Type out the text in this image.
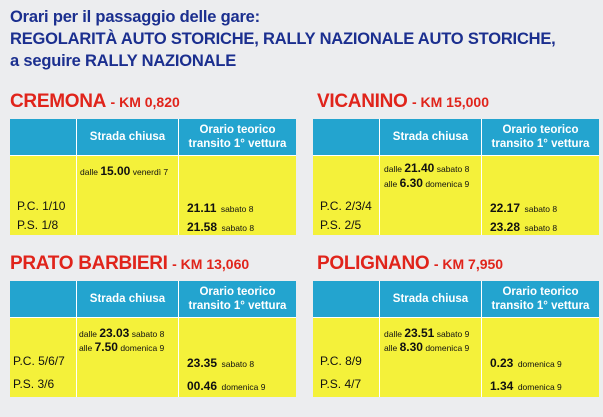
Orari per il passaggio delle gare:
REGOLARITÀ AUTO STORICHE, RALLY NAZIONALE AUTO STORICHE,
a seguire RALLY NAZIONALE
CREMONA - KM 0,820
Strada chiusa
Orario teorico
transito 1° vettura
P.C. 1/10
P.S. 1/8
dalle 15.00 venerdì 7
21.11 sabato 8
21.58 sabato 8
VICANINO - KM 15,000
Strada chiusa
Orario teorico
transito 1° vettura
P.C. 2/3/4
P.S. 2/5
dalle 21.40 sabato 8
alle 6.30 domenica 9
22.17 sabato 8
23.28 sabato 8
PRATO BARBIERI - KM 13,060
Strada chiusa
Orario teorico
transito 1° vettura
P.C. 5/6/7
P.S. 3/6
dalle 23.03 sabato 8
alle 7.50 domenica 9
23.35 sabato 8
00.46 domenica 9
POLIGNANO - KM 7,950
Strada chiusa
Orario teorico
transito 1° vettura
P.C. 8/9
P.S. 4/7
dalle 23.51 sabato 9
alle 8.30 domenica 9
0.23 domenica 9
1.34 domenica 9
